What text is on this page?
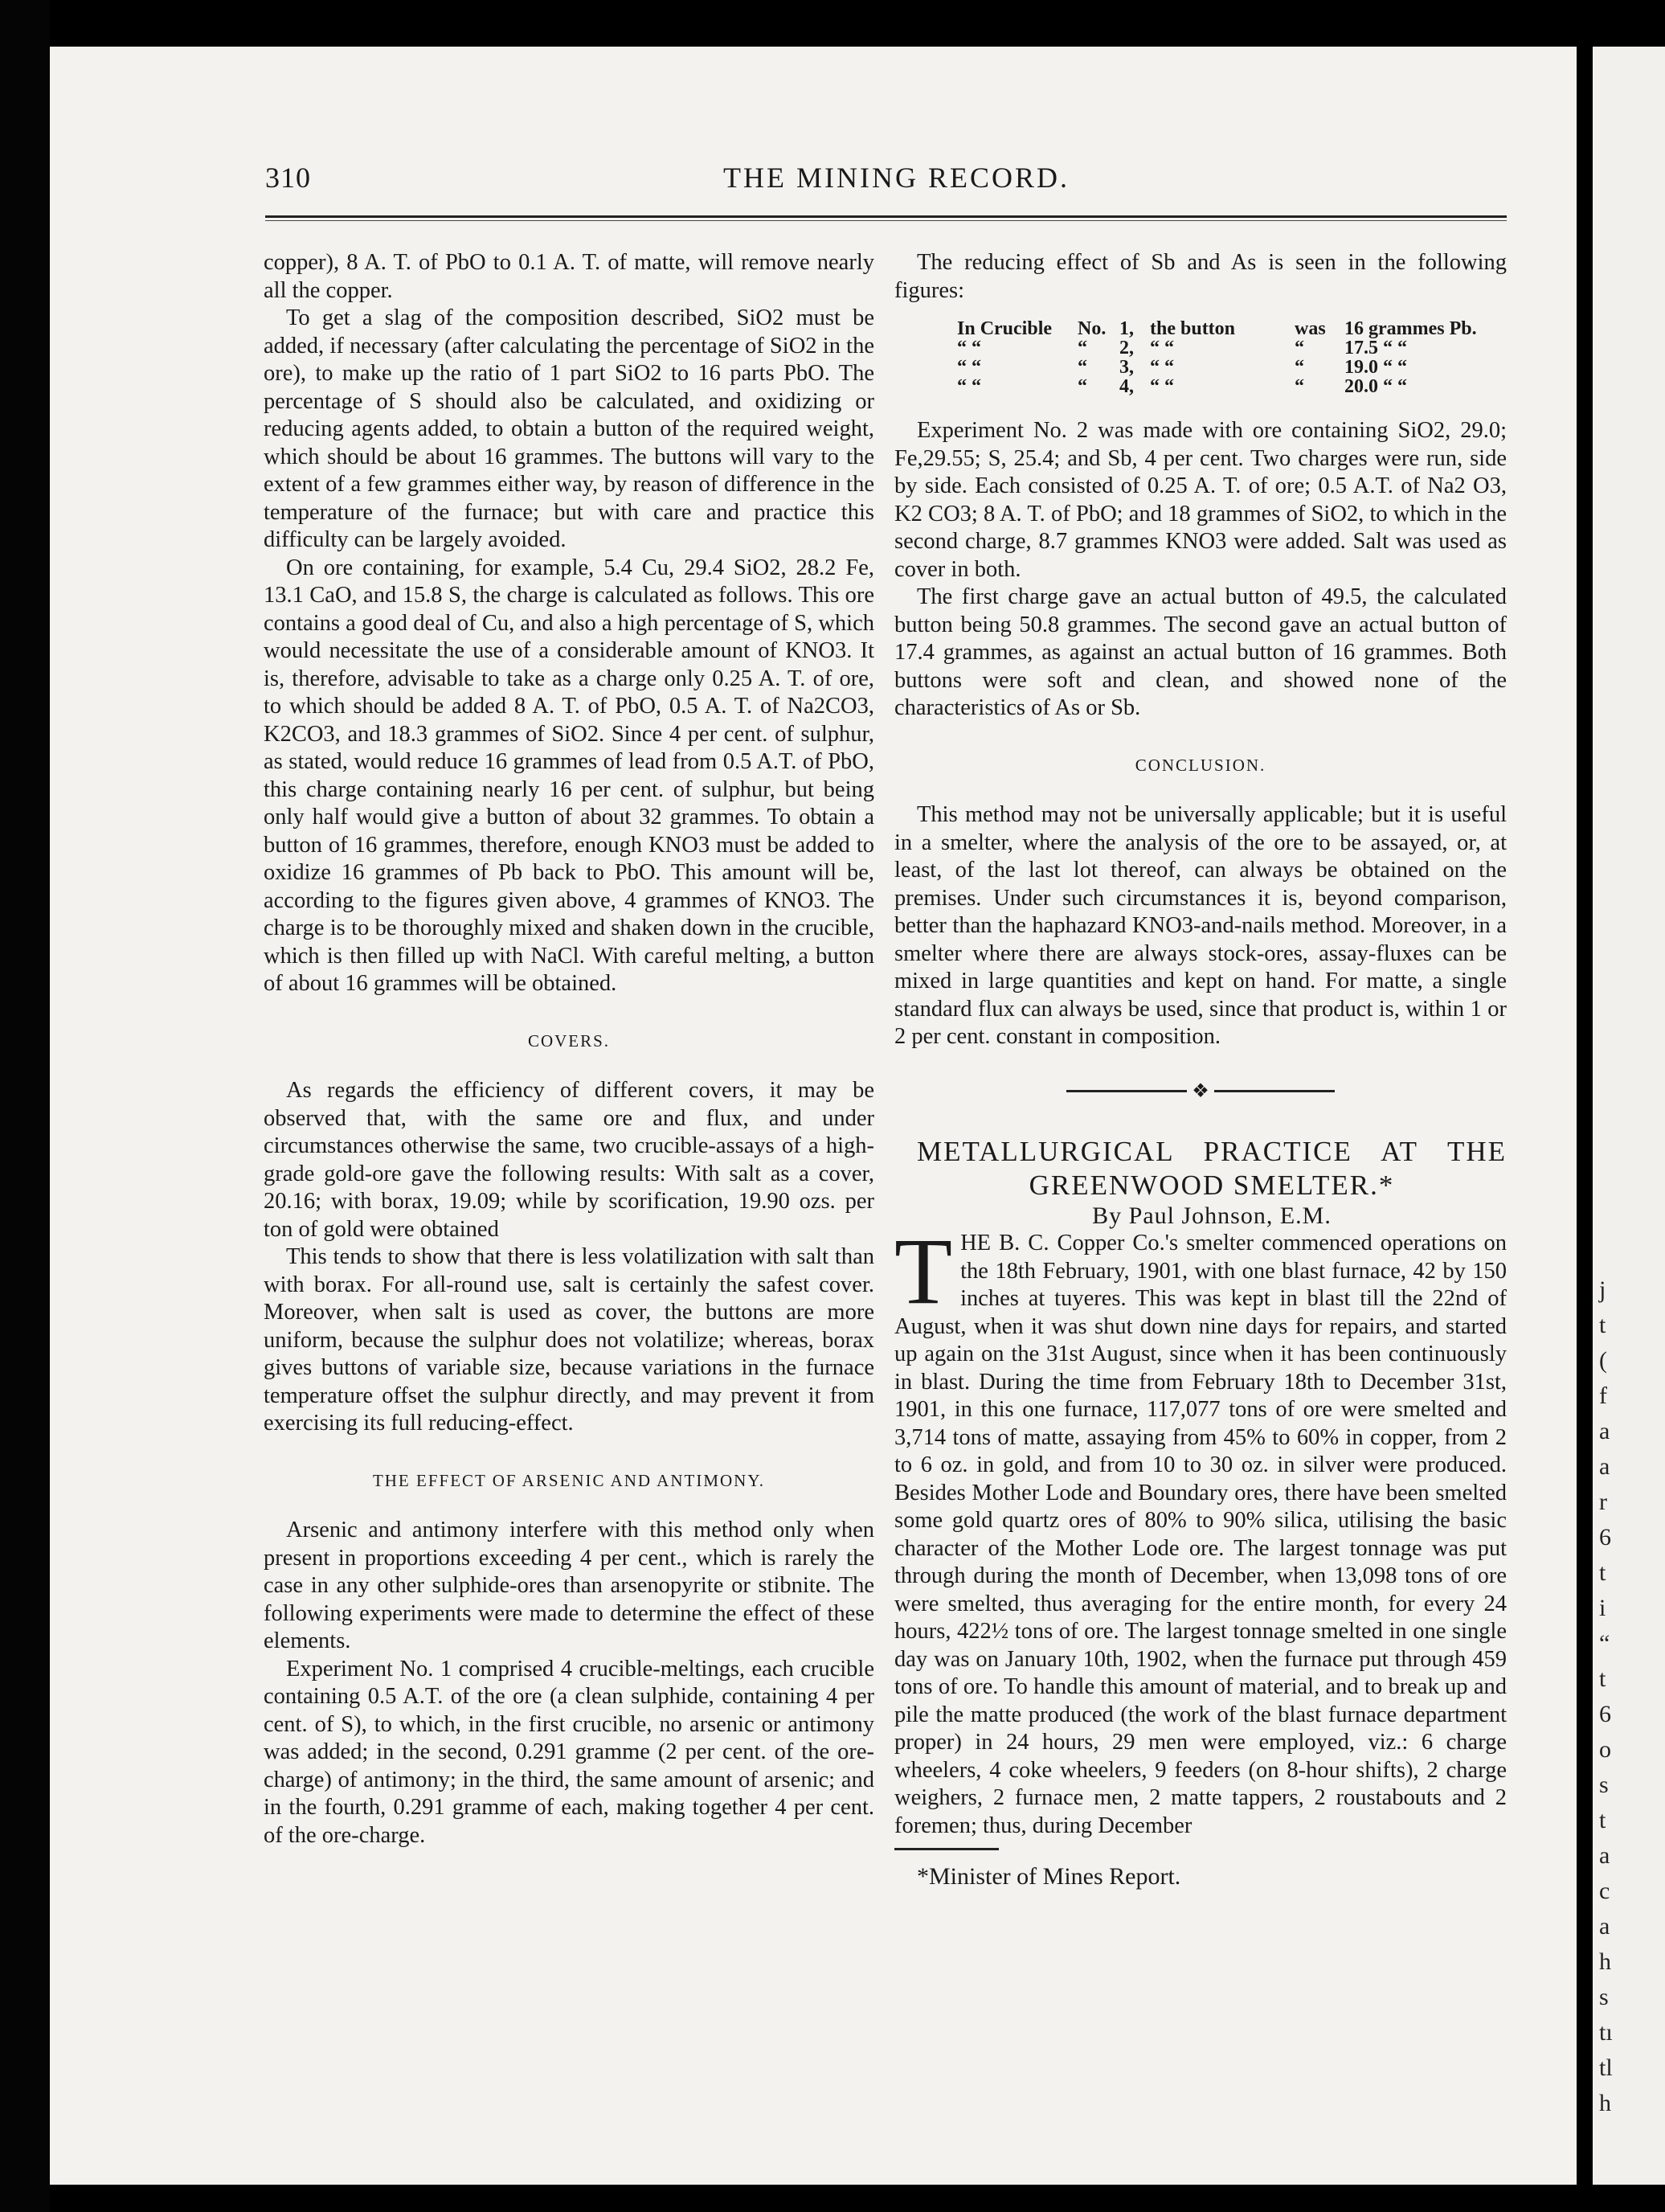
j
t
(
f
a
a
r
6
t
i
“
t
6
o
s
t
a
c
a
h
s
tı
tl
h
310	THE MINING RECORD.

copper), 8 A. T. of PbO to 0.1 A. T. of matte, will remove nearly all the copper.

To get a slag of the composition described, SiO2 must be added, if necessary (after calculating the percentage of SiO2 in the ore), to make up the ratio of 1 part SiO2 to 16 parts PbO. The percentage of S should also be calculated, and oxidizing or reducing agents added, to obtain a button of the required weight, which should be about 16 grammes. The buttons will vary to the extent of a few grammes either way, by reason of difference in the temperature of the furnace; but with care and practice this difficulty can be largely avoided.

On ore containing, for example, 5.4 Cu, 29.4 SiO2, 28.2 Fe, 13.1 CaO, and 15.8 S, the charge is calculated as follows. This ore contains a good deal of Cu, and also a high percentage of S, which would necessitate the use of a considerable amount of KNO3. It is, therefore, advisable to take as a charge only 0.25 A. T. of ore, to which should be added 8 A. T. of PbO, 0.5 A. T. of Na2CO3, K2CO3, and 18.3 grammes of SiO2. Since 4 per cent. of sulphur, as stated, would reduce 16 grammes of lead from 0.5 A.T. of PbO, this charge containing nearly 16 per cent. of sulphur, but being only half would give a button of about 32 grammes. To obtain a button of 16 grammes, therefore, enough KNO3 must be added to oxidize 16 grammes of Pb back to PbO. This amount will be, according to the figures given above, 4 grammes of KNO3. The charge is to be thoroughly mixed and shaken down in the crucible, which is then filled up with NaCl. With careful melting, a button of about 16 grammes will be obtained.

COVERS.

As regards the efficiency of different covers, it may be observed that, with the same ore and flux, and under circumstances otherwise the same, two crucible-assays of a high-grade gold-ore gave the following results: With salt as a cover, 20.16; with borax, 19.09; while by scorification, 19.90 ozs. per ton of gold were obtained

This tends to show that there is less volatilization with salt than with borax. For all-round use, salt is certainly the safest cover. Moreover, when salt is used as cover, the buttons are more uniform, because the sulphur does not volatilize; whereas, borax gives buttons of variable size, because variations in the furnace temperature offset the sulphur directly, and may prevent it from exercising its full reducing-effect.

THE EFFECT OF ARSENIC AND ANTIMONY.

Arsenic and antimony interfere with this method only when present in proportions exceeding 4 per cent., which is rarely the case in any other sulphide-ores than arsenopyrite or stibnite. The following experiments were made to determine the effect of these elements.

Experiment No. 1 comprised 4 crucible-meltings, each crucible containing 0.5 A.T. of the ore (a clean sulphide, containing 4 per cent. of S), to which, in the first crucible, no arsenic or antimony was added; in the second, 0.291 gramme (2 per cent. of the ore-charge) of antimony; in the third, the same amount of arsenic; and in the fourth, 0.291 gramme of each, making together 4 per cent. of the ore-charge.

The reducing effect of Sb and As is seen in the following figures:

In Crucible	No. 1, the button	was 16 grammes Pb.
“ “	“	2, “ “	“	17.5 “ “
“ “	“	3, “ “	“	19.0 “ “
“ “	“	4, “ “	“	20.0 “ “

Experiment No. 2 was made with ore containing SiO2, 29.0; Fe,29.55; S, 25.4; and Sb, 4 per cent. Two charges were run, side by side. Each consisted of 0.25 A. T. of ore; 0.5 A.T. of Na2 O3, K2 CO3; 8 A. T. of PbO; and 18 grammes of SiO2, to which in the second charge, 8.7 grammes KNO3 were added. Salt was used as cover in both.

The first charge gave an actual button of 49.5, the calculated button being 50.8 grammes. The second gave an actual button of 17.4 grammes, as against an actual button of 16 grammes. Both buttons were soft and clean, and showed none of the characteristics of As or Sb.

CONCLUSION.

This method may not be universally applicable; but it is useful in a smelter, where the analysis of the ore to be assayed, or, at least, of the last lot thereof, can always be obtained on the premises. Under such circumstances it is, beyond comparison, better than the haphazard KNO3-and-nails method. Moreover, in a smelter where there are always stock-ores, assay-fluxes can be mixed in large quantities and kept on hand. For matte, a single standard flux can always be used, since that product is, within 1 or 2 per cent. constant in composition.

❖

METALLURGICAL PRACTICE AT THE

GREENWOOD SMELTER.*

By Paul Johnson, E.M.

T HE B. C. Copper Co.'s smelter commenced operations on the 18th February, 1901, with one blast furnace, 42 by 150 inches at tuyeres. This was kept in blast till the 22nd of August, when it was shut down nine days for repairs, and started up again on the 31st August, since when it has been continuously in blast. During the time from February 18th to December 31st, 1901, in this one furnace, 117,077 tons of ore were smelted and 3,714 tons of matte, assaying from 45% to 60% in copper, from 2 to 6 oz. in gold, and from 10 to 30 oz. in silver were produced. Besides Mother Lode and Boundary ores, there have been smelted some gold quartz ores of 80% to 90% silica, utilising the basic character of the Mother Lode ore. The largest tonnage was put through during the month of December, when 13,098 tons of ore were smelted, thus averaging for the entire month, for every 24 hours, 422½ tons of ore. The largest tonnage smelted in one single day was on January 10th, 1902, when the furnace put through 459 tons of ore. To handle this amount of material, and to break up and pile the matte produced (the work of the blast furnace department proper) in 24 hours, 29 men were employed, viz.: 6 charge wheelers, 4 coke wheelers, 9 feeders (on 8-hour shifts), 2 charge weighers, 2 furnace men, 2 matte tappers, 2 roustabouts and 2 foremen; thus, during December

*Minister of Mines Report.
